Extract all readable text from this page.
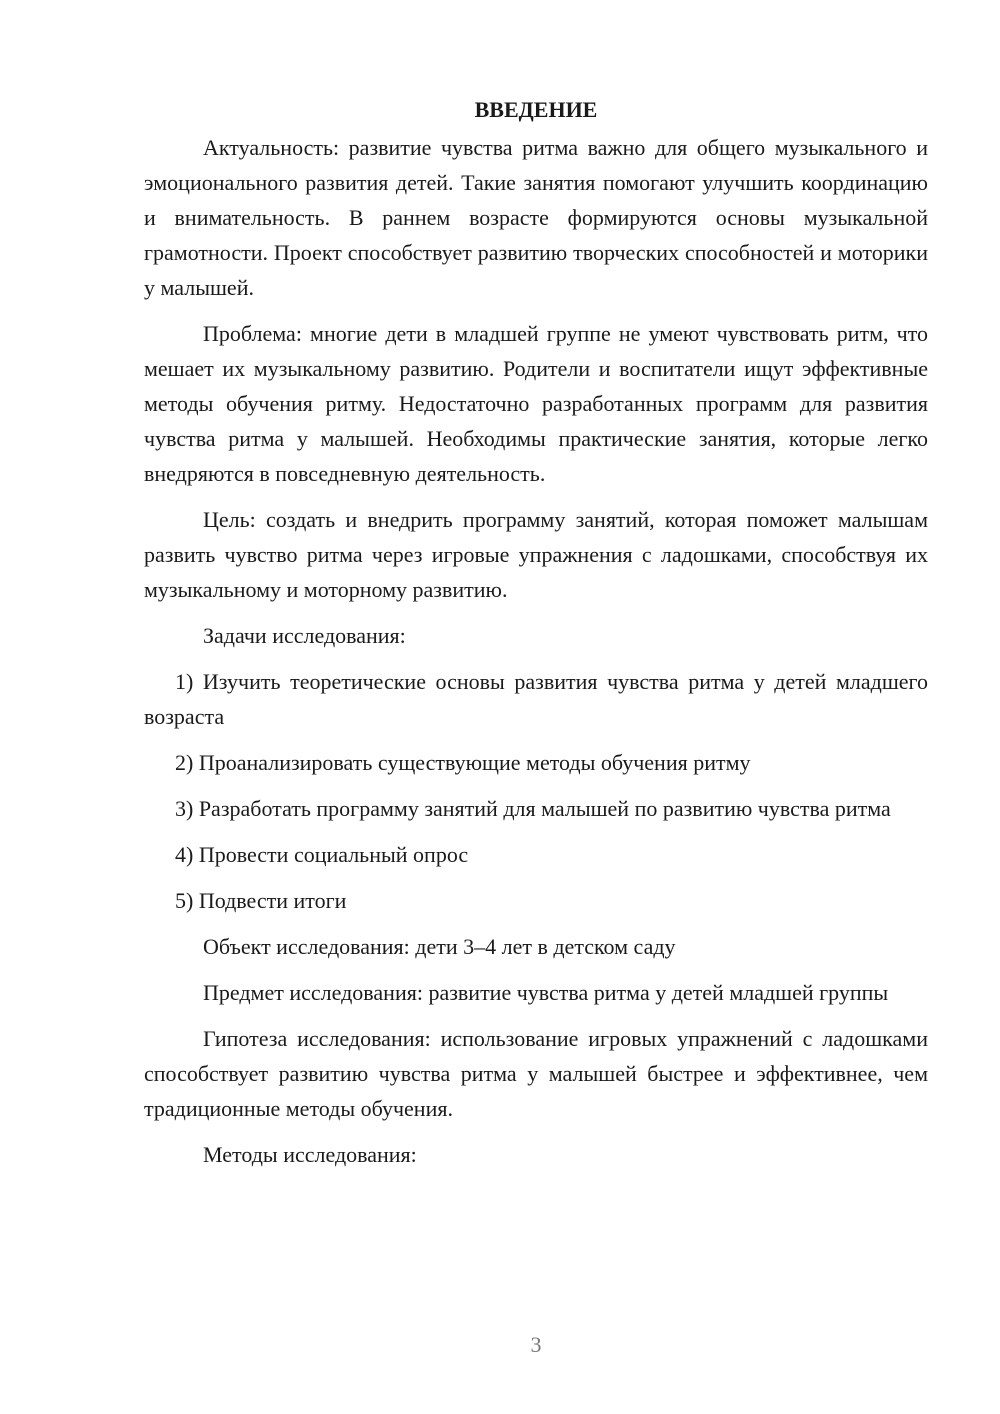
ВВЕДЕНИЕ

Актуальность: развитие чувства ритма важно для общего музыкального и эмоционального развития детей. Такие занятия помогают улучшить координацию и внимательность. В раннем возрасте формируются основы музыкальной грамотности. Проект способствует развитию творческих способностей и моторики у малышей.

Проблема: многие дети в младшей группе не умеют чувствовать ритм, что мешает их музыкальному развитию. Родители и воспитатели ищут эффективные методы обучения ритму. Недостаточно разработанных программ для развития чувства ритма у малышей. Необходимы практические занятия, которые легко внедряются в повседневную деятельность.

Цель: создать и внедрить программу занятий, которая поможет малышам развить чувство ритма через игровые упражнения с ладошками, способствуя их музыкальному и моторному развитию.

Задачи исследования:

1) Изучить теоретические основы развития чувства ритма у детей младшего возраста

2) Проанализировать существующие методы обучения ритму

3) Разработать программу занятий для малышей по развитию чувства ритма

4) Провести социальный опрос

5) Подвести итоги

Объект исследования: дети 3–4 лет в детском саду

Предмет исследования: развитие чувства ритма у детей младшей группы

Гипотеза исследования: использование игровых упражнений с ладошками способствует развитию чувства ритма у малышей быстрее и эффективнее, чем традиционные методы обучения.

Методы исследования:

3
